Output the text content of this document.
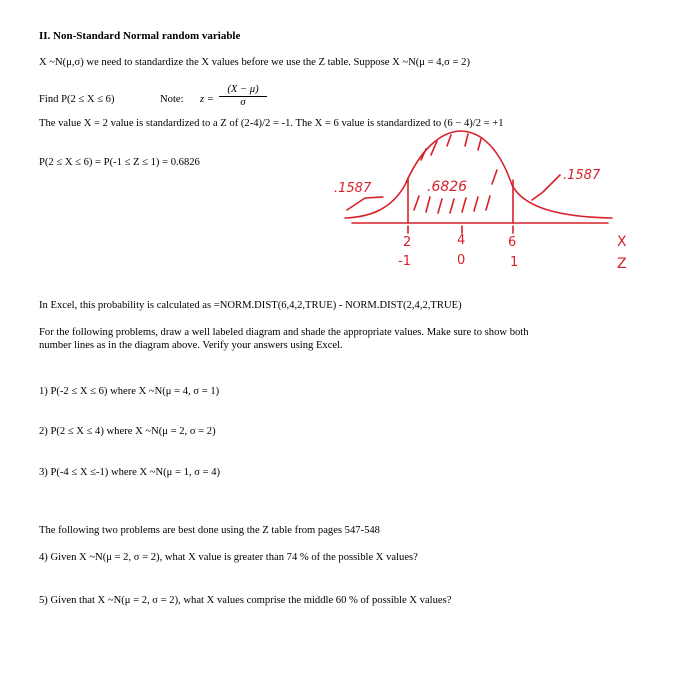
II. Non-Standard Normal random variable
X ~N(μ,σ) we need to standardize the X values before we use the Z table. Suppose X ~N(μ = 4,σ = 2)
Find P(2 ≤ X ≤ 6)	Note: $z = \frac{(X - \mu)}{\sigma}$
The value X = 2 value is standardized to a Z of (2-4)/2 = -1. The X = 6 value is standardized to (6 − 4)/2 = +1
P(2 ≤ X ≤ 6) = P(-1 ≤ Z ≤ 1) = 0.6826
.1587	.6826
.1587
2	4	6
-1	0	1
X
Z
In Excel, this probability is calculated as =NORM.DIST(6,4,2,TRUE) - NORM.DIST(2,4,2,TRUE)
For the following problems, draw a well labeled diagram and shade the appropriate values. Make sure to show both
number lines as in the diagram above. Verify your answers using Excel.
1) P(-2 ≤ X ≤ 6) where X ~N(μ = 4, σ = 1)
2) P(2 ≤ X ≤ 4) where X ~N(μ = 2, σ = 2)
3) P(-4 ≤ X ≤-1) where X ~N(μ = 1, σ = 4)
The following two problems are best done using the Z table from pages 547-548
4) Given X ~N(μ = 2, σ = 2), what X value is greater than 74 % of the possible X values?
5) Given that X ~N(μ = 2, σ = 2), what X values comprise the middle 60 % of possible X values?
